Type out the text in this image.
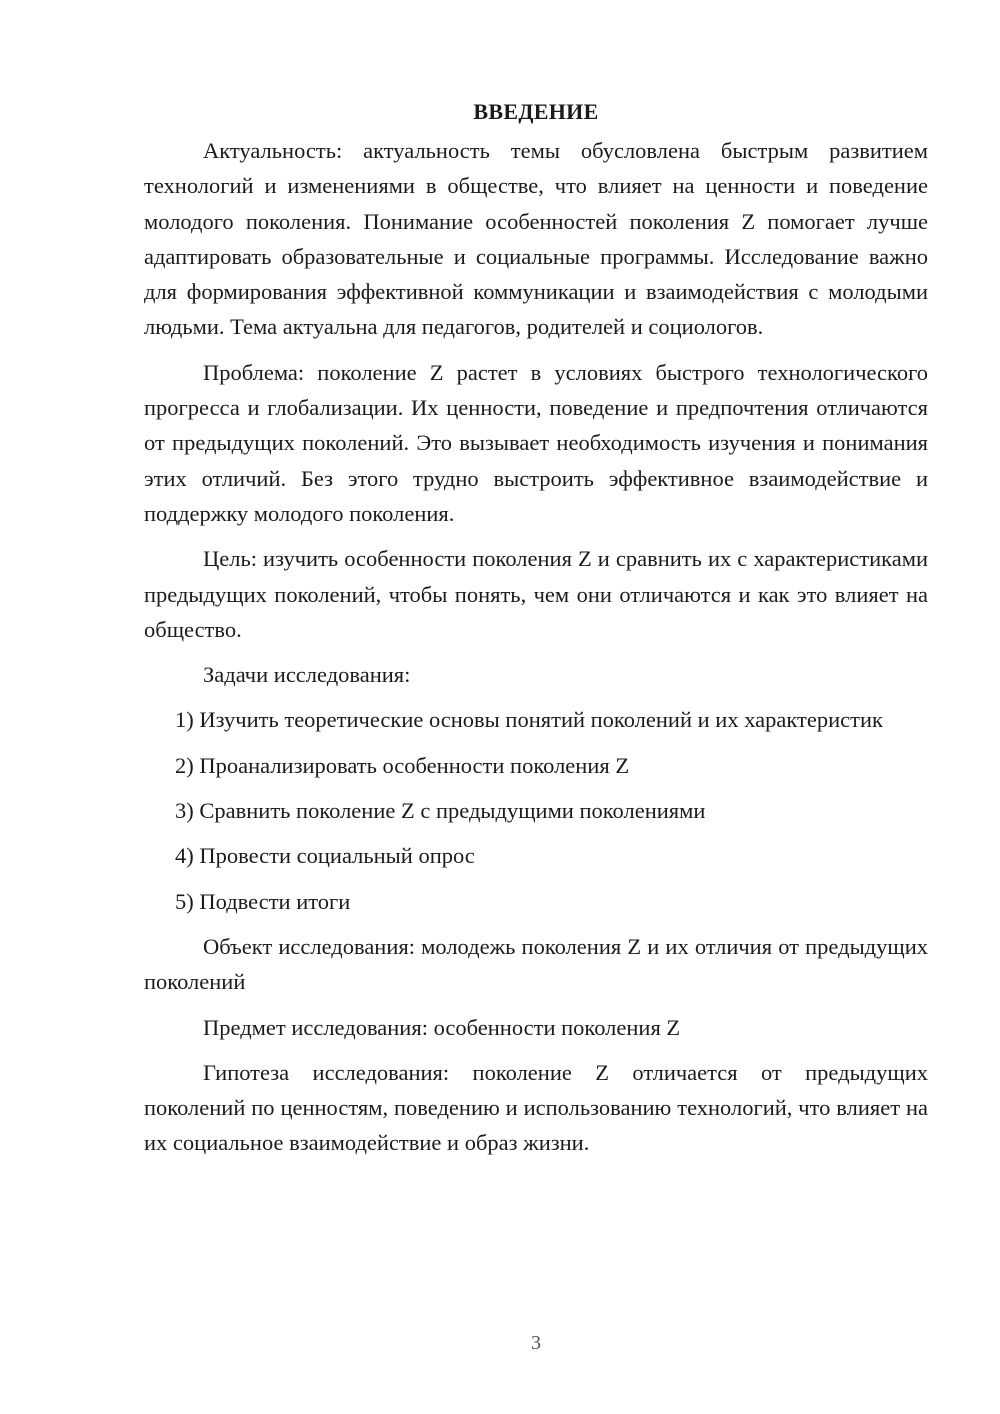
ВВЕДЕНИЕ

Актуальность: актуальность темы обусловлена быстрым развитием технологий и изменениями в обществе, что влияет на ценности и поведение молодого поколения. Понимание особенностей поколения Z помогает лучше адаптировать образовательные и социальные программы. Исследование важно для формирования эффективной коммуникации и взаимодействия с молодыми людьми. Тема актуальна для педагогов, родителей и социологов.

Проблема: поколение Z растет в условиях быстрого технологического прогресса и глобализации. Их ценности, поведение и предпочтения отличаются от предыдущих поколений. Это вызывает необходимость изучения и понимания этих отличий. Без этого трудно выстроить эффективное взаимодействие и поддержку молодого поколения.

Цель: изучить особенности поколения Z и сравнить их с характеристиками предыдущих поколений, чтобы понять, чем они отличаются и как это влияет на общество.

Задачи исследования:

1) Изучить теоретические основы понятий поколений и их характеристик

2) Проанализировать особенности поколения Z

3) Сравнить поколение Z с предыдущими поколениями

4) Провести социальный опрос

5) Подвести итоги

Объект исследования: молодежь поколения Z и их отличия от предыдущих поколений

Предмет исследования: особенности поколения Z

Гипотеза исследования: поколение Z отличается от предыдущих поколений по ценностям, поведению и использованию технологий, что влияет на их социальное взаимодействие и образ жизни.

3
